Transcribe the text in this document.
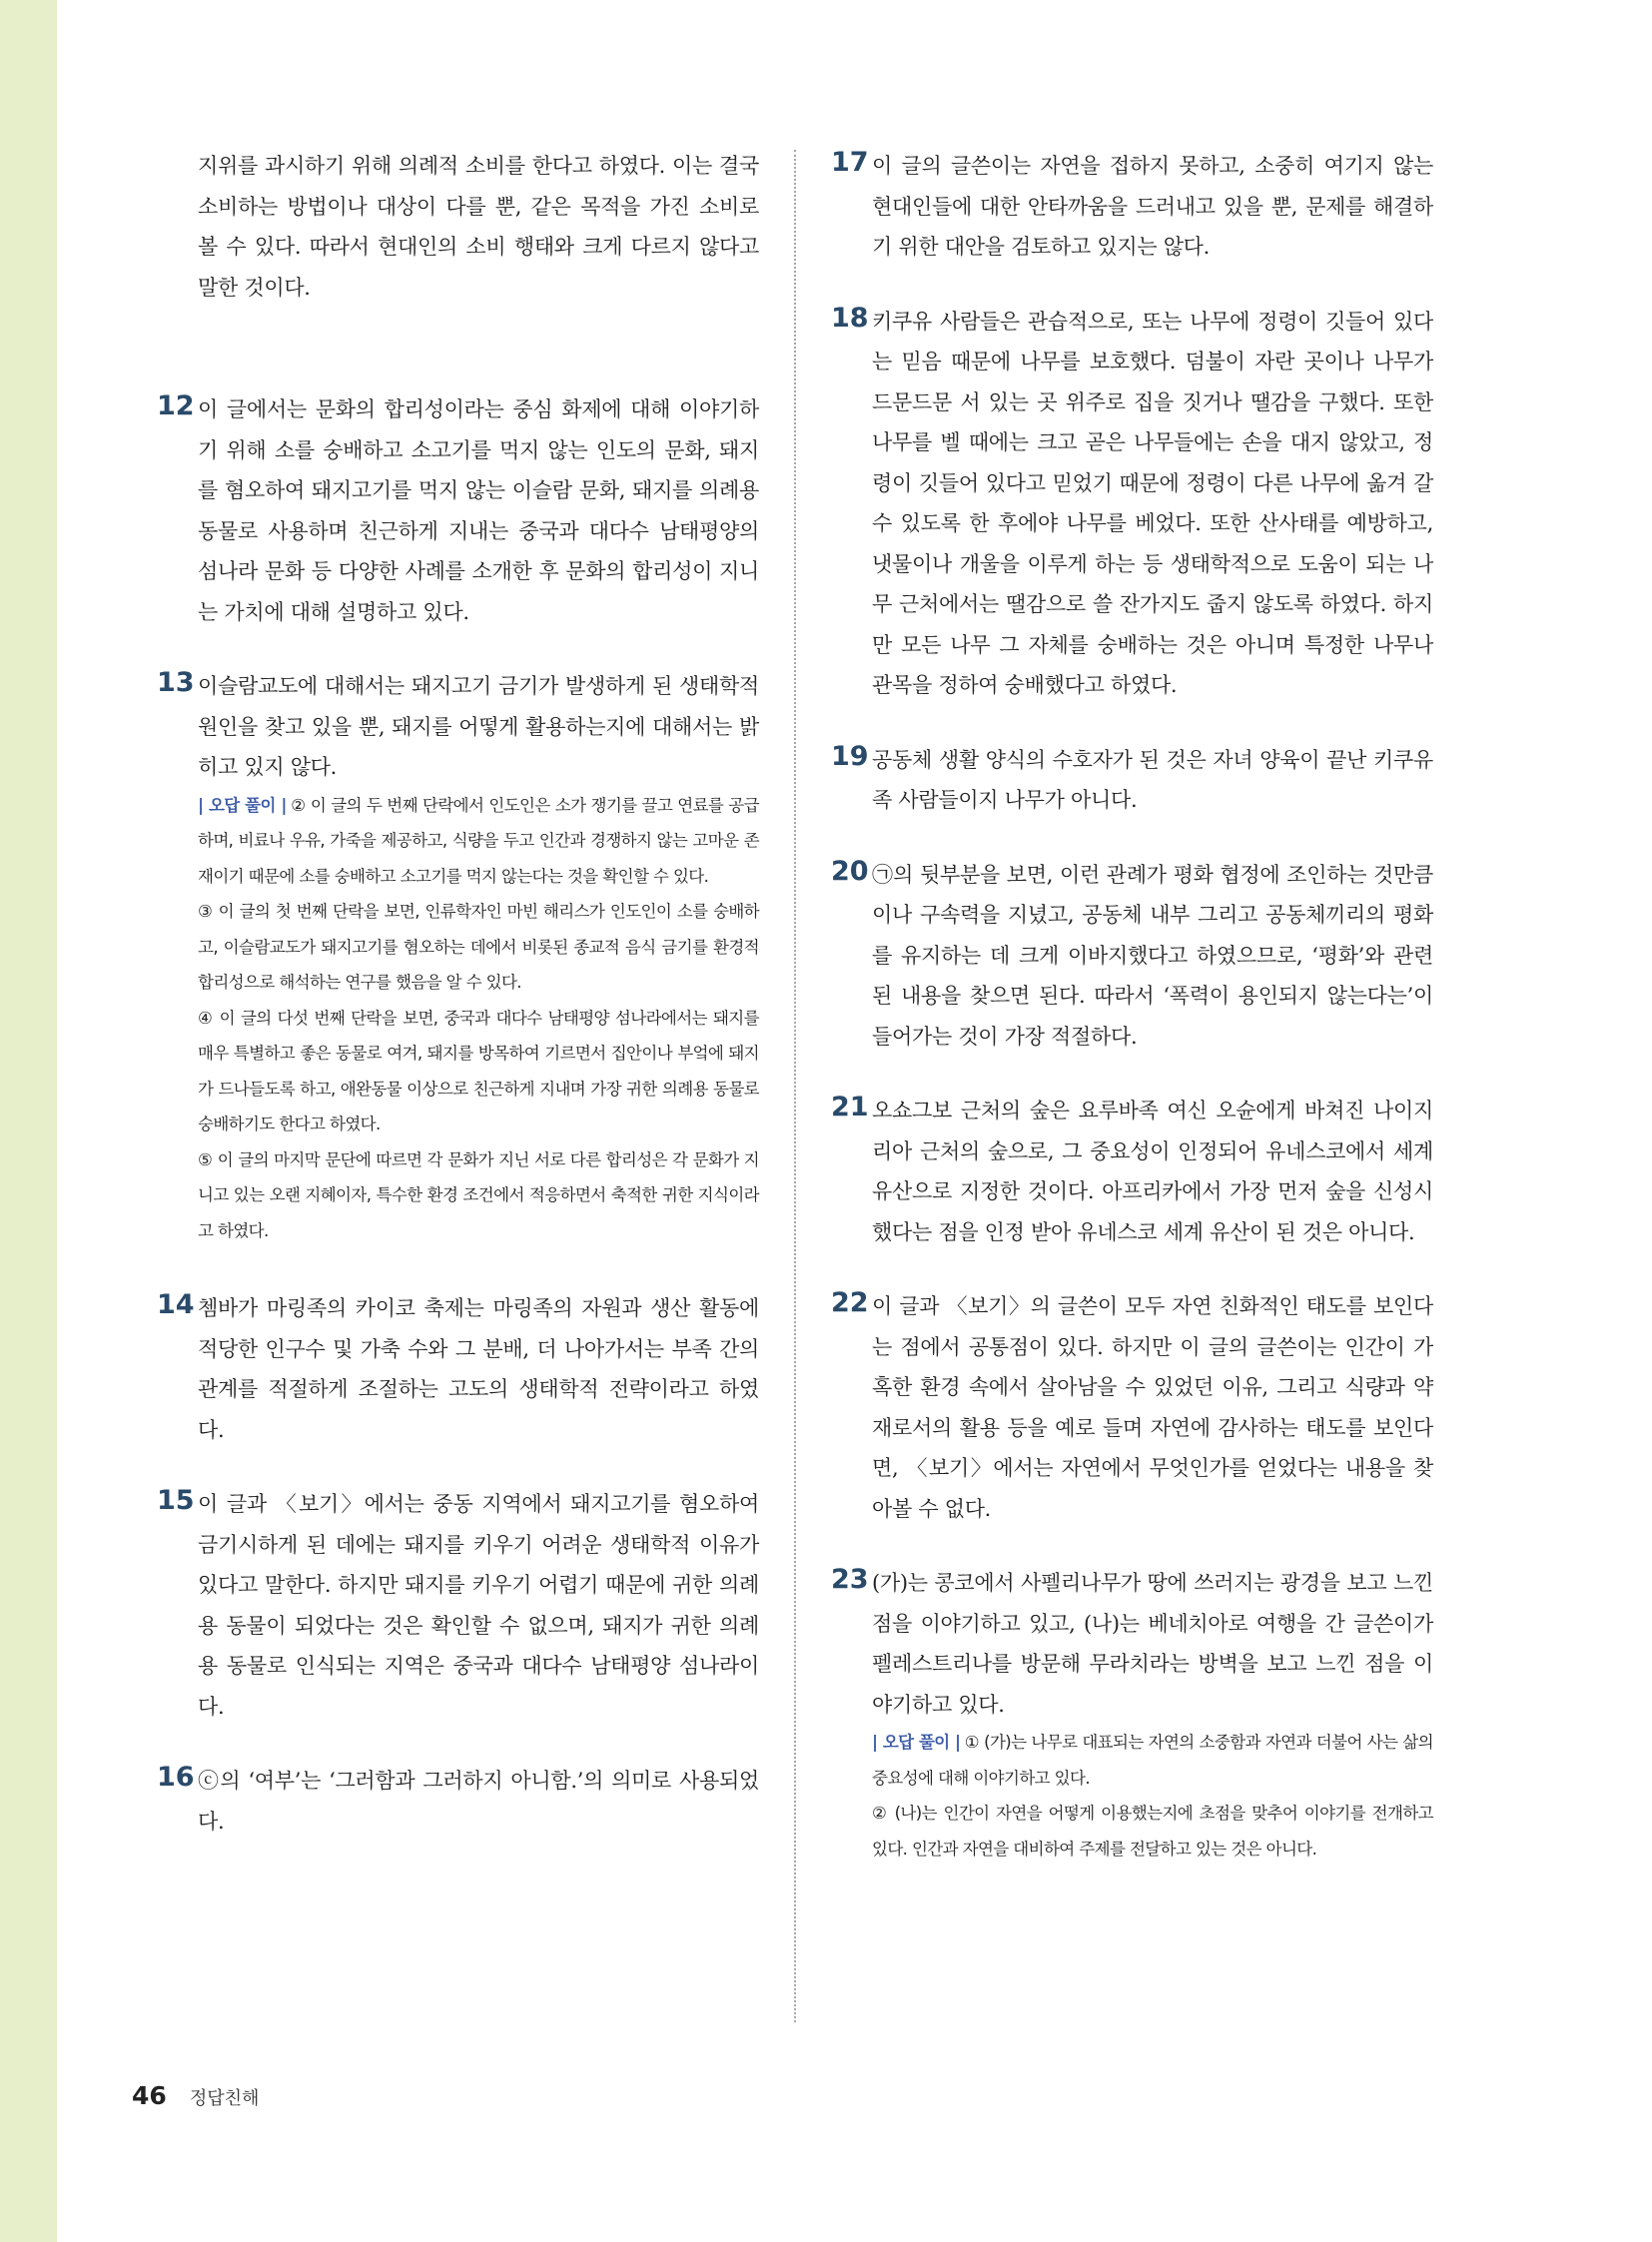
지위를 과시하기 위해 의례적 소비를 한다고 하였다. 이는 결국 소비하는 방법이나 대상이 다를 뿐, 같은 목적을 가진 소비로 볼 수 있다. 따라서 현대인의 소비 행태와 크게 다르지 않다고 말한 것이다.

12 이 글에서는 문화의 합리성이라는 중심 화제에 대해 이야기하기 위해 소를 숭배하고 소고기를 먹지 않는 인도의 문화, 돼지를 혐오하여 돼지고기를 먹지 않는 이슬람 문화, 돼지를 의례용 동물로 사용하며 친근하게 지내는 중국과 대다수 남태평양의 섬나라 문화 등 다양한 사례를 소개한 후 문화의 합리성이 지니는 가치에 대해 설명하고 있다.

13 이슬람교도에 대해서는 돼지고기 금기가 발생하게 된 생태학적 원인을 찾고 있을 뿐, 돼지를 어떻게 활용하는지에 대해서는 밝히고 있지 않다.

| 오답 풀이 | ② 이 글의 두 번째 단락에서 인도인은 소가 쟁기를 끌고 연료를 공급하며, 비료나 우유, 가죽을 제공하고, 식량을 두고 인간과 경쟁하지 않는 고마운 존재이기 때문에 소를 숭배하고 소고기를 먹지 않는다는 것을 확인할 수 있다.

③ 이 글의 첫 번째 단락을 보면, 인류학자인 마빈 해리스가 인도인이 소를 숭배하고, 이슬람교도가 돼지고기를 혐오하는 데에서 비롯된 종교적 음식 금기를 환경적 합리성으로 해석하는 연구를 했음을 알 수 있다.

④ 이 글의 다섯 번째 단락을 보면, 중국과 대다수 남태평양 섬나라에서는 돼지를 매우 특별하고 좋은 동물로 여겨, 돼지를 방목하여 기르면서 집안이나 부엌에 돼지가 드나들도록 하고, 애완동물 이상으로 친근하게 지내며 가장 귀한 의례용 동물로 숭배하기도 한다고 하였다.

⑤ 이 글의 마지막 문단에 따르면 각 문화가 지닌 서로 다른 합리성은 각 문화가 지니고 있는 오랜 지혜이자, 특수한 환경 조건에서 적응하면서 축적한 귀한 지식이라고 하였다.

14 쳄바가 마링족의 카이코 축제는 마링족의 자원과 생산 활동에 적당한 인구수 및 가축 수와 그 분배, 더 나아가서는 부족 간의 관계를 적절하게 조절하는 고도의 생태학적 전략이라고 하였다.

15 이 글과 〈보기〉에서는 중동 지역에서 돼지고기를 혐오하여 금기시하게 된 데에는 돼지를 키우기 어려운 생태학적 이유가 있다고 말한다. 하지만 돼지를 키우기 어렵기 때문에 귀한 의례용 동물이 되었다는 것은 확인할 수 없으며, 돼지가 귀한 의례용 동물로 인식되는 지역은 중국과 대다수 남태평양 섬나라이다.

16 ⓒ의 ‘여부’는 ‘그러함과 그러하지 아니함.’의 의미로 사용되었다.

17 이 글의 글쓴이는 자연을 접하지 못하고, 소중히 여기지 않는 현대인들에 대한 안타까움을 드러내고 있을 뿐, 문제를 해결하기 위한 대안을 검토하고 있지는 않다.

18 키쿠유 사람들은 관습적으로, 또는 나무에 정령이 깃들어 있다는 믿음 때문에 나무를 보호했다. 덤불이 자란 곳이나 나무가 드문드문 서 있는 곳 위주로 집을 짓거나 땔감을 구했다. 또한 나무를 벨 때에는 크고 곧은 나무들에는 손을 대지 않았고, 정령이 깃들어 있다고 믿었기 때문에 정령이 다른 나무에 옮겨 갈 수 있도록 한 후에야 나무를 베었다. 또한 산사태를 예방하고, 냇물이나 개울을 이루게 하는 등 생태학적으로 도움이 되는 나무 근처에서는 땔감으로 쓸 잔가지도 줍지 않도록 하였다. 하지만 모든 나무 그 자체를 숭배하는 것은 아니며 특정한 나무나 관목을 정하여 숭배했다고 하였다.

19 공동체 생활 양식의 수호자가 된 것은 자녀 양육이 끝난 키쿠유족 사람들이지 나무가 아니다.

20 ㉠의 뒷부분을 보면, 이런 관례가 평화 협정에 조인하는 것만큼이나 구속력을 지녔고, 공동체 내부 그리고 공동체끼리의 평화를 유지하는 데 크게 이바지했다고 하였으므로, ‘평화’와 관련된 내용을 찾으면 된다. 따라서 ‘폭력이 용인되지 않는다는’이 들어가는 것이 가장 적절하다.

21 오쇼그보 근처의 숲은 요루바족 여신 오슌에게 바쳐진 나이지리아 근처의 숲으로, 그 중요성이 인정되어 유네스코에서 세계 유산으로 지정한 것이다. 아프리카에서 가장 먼저 숲을 신성시했다는 점을 인정 받아 유네스코 세계 유산이 된 것은 아니다.

22 이 글과 〈보기〉의 글쓴이 모두 자연 친화적인 태도를 보인다는 점에서 공통점이 있다. 하지만 이 글의 글쓴이는 인간이 가혹한 환경 속에서 살아남을 수 있었던 이유, 그리고 식량과 약재로서의 활용 등을 예로 들며 자연에 감사하는 태도를 보인다면, 〈보기〉에서는 자연에서 무엇인가를 얻었다는 내용을 찾아볼 수 없다.

23 (가)는 콩코에서 사펠리나무가 땅에 쓰러지는 광경을 보고 느낀 점을 이야기하고 있고, (나)는 베네치아로 여행을 간 글쓴이가 펠레스트리나를 방문해 무라치라는 방벽을 보고 느낀 점을 이야기하고 있다.

| 오답 풀이 | ① (가)는 나무로 대표되는 자연의 소중함과 자연과 더불어 사는 삶의 중요성에 대해 이야기하고 있다.

② (나)는 인간이 자연을 어떻게 이용했는지에 초점을 맞추어 이야기를 전개하고 있다. 인간과 자연을 대비하여 주제를 전달하고 있는 것은 아니다.

46 정답친해
